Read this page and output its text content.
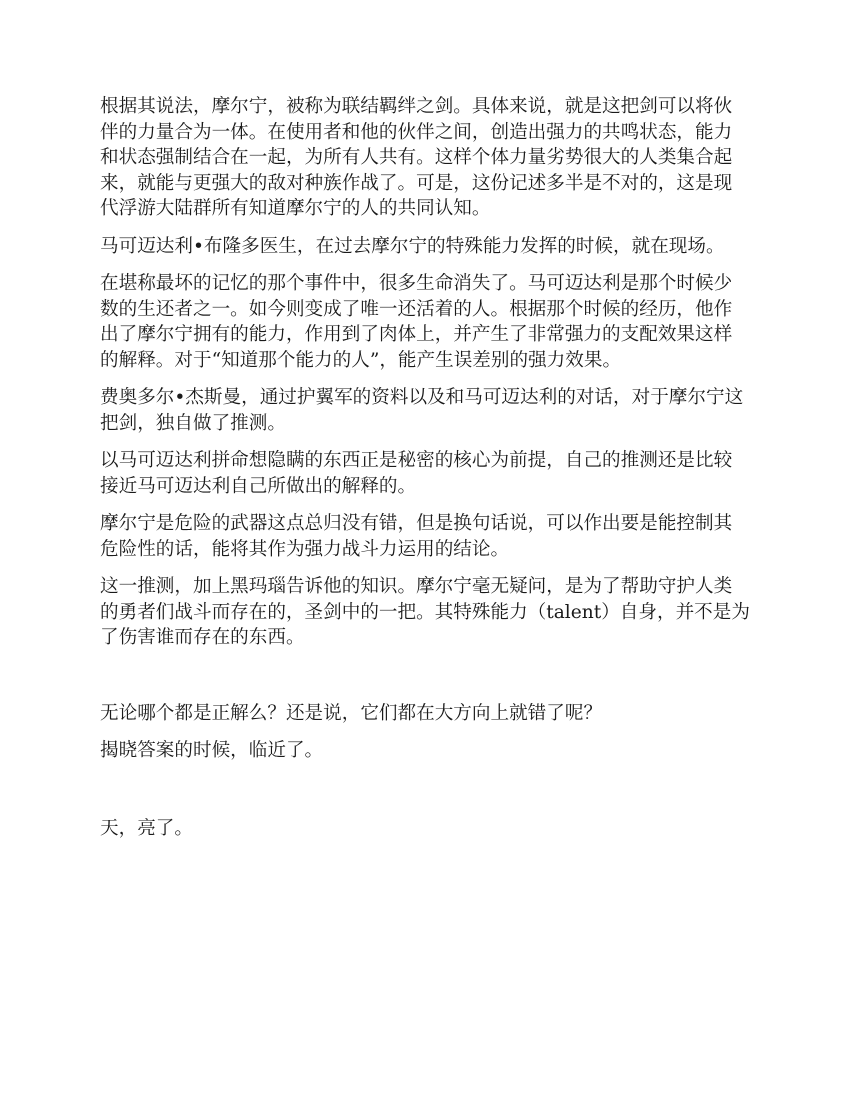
根据其说法，摩尔宁，被称为联结羁绊之剑。具体来说，就是这把剑可以将伙伴的力量合为一体。在使用者和他的伙伴之间，创造出强力的共鸣状态，能力和状态强制结合在一起，为所有人共有。这样个体力量劣势很大的人类集合起来，就能与更强大的敌对种族作战了。可是，这份记述多半是不对的，这是现代浮游大陆群所有知道摩尔宁的人的共同认知。

马可迈达利•布隆多医生，在过去摩尔宁的特殊能力发挥的时候，就在现场。

在堪称最坏的记忆的那个事件中，很多生命消失了。马可迈达利是那个时候少数的生还者之一。如今则变成了唯一还活着的人。根据那个时候的经历，他作出了摩尔宁拥有的能力，作用到了肉体上，并产生了非常强力的支配效果这样的解释。对于“知道那个能力的人”，能产生误差别的强力效果。

费奥多尔•杰斯曼，通过护翼军的资料以及和马可迈达利的对话，对于摩尔宁这把剑，独自做了推测。

以马可迈达利拼命想隐瞒的东西正是秘密的核心为前提，自己的推测还是比较接近马可迈达利自己所做出的解释的。

摩尔宁是危险的武器这点总归没有错，但是换句话说，可以作出要是能控制其危险性的话，能将其作为强力战斗力运用的结论。

这一推测，加上黑玛瑙告诉他的知识。摩尔宁毫无疑问，是为了帮助守护人类的勇者们战斗而存在的，圣剑中的一把。其特殊能力（talent）自身，并不是为了伤害谁而存在的东西。

无论哪个都是正解么？还是说，它们都在大方向上就错了呢？

揭晓答案的时候，临近了。

天，亮了。
